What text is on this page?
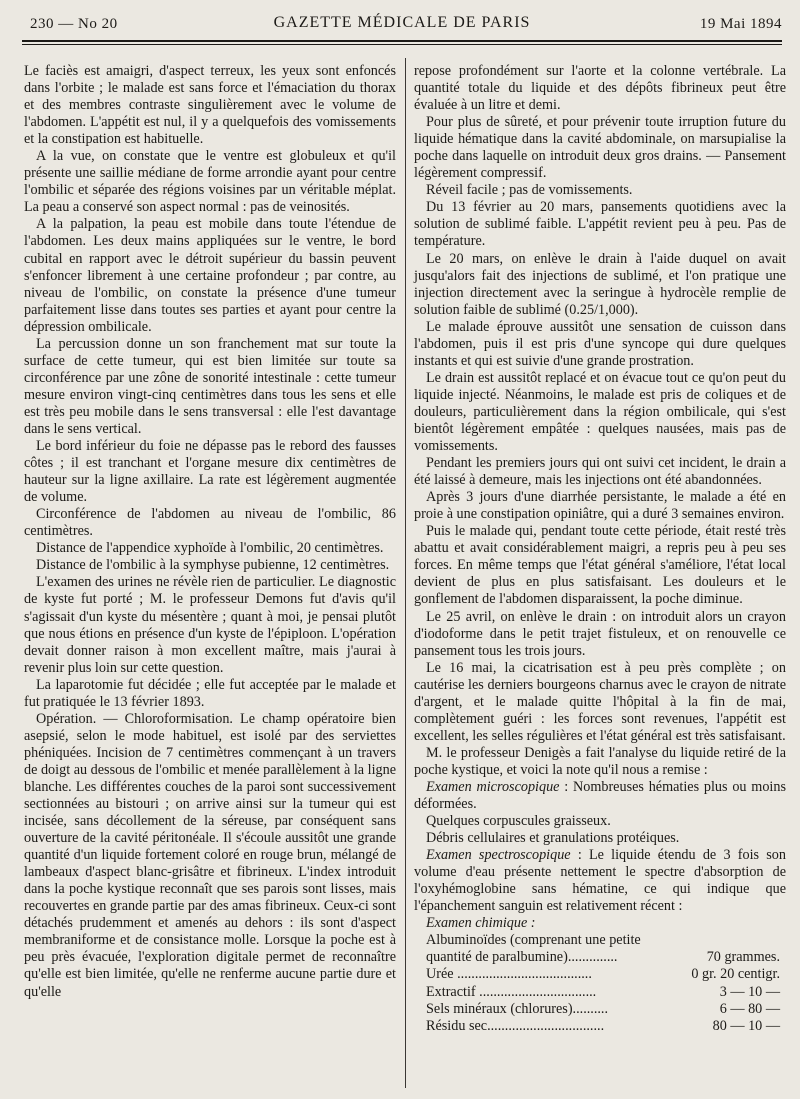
230 — No 20	GAZETTE MÉDICALE DE PARIS	19 Mai 1894

Le faciès est amaigri, d'aspect terreux, les yeux sont enfoncés dans l'orbite ; le malade est sans force et l'émaciation du thorax et des membres contraste singulièrement avec le volume de l'abdomen. L'appétit est nul, il y a quelquefois des vomissements et la constipation est habituelle.

A la vue, on constate que le ventre est globuleux et qu'il présente une saillie médiane de forme arrondie ayant pour centre l'ombilic et séparée des régions voisines par un véritable méplat. La peau a conservé son aspect normal : pas de veinosités.

A la palpation, la peau est mobile dans toute l'étendue de l'abdomen. Les deux mains appliquées sur le ventre, le bord cubital en rapport avec le détroit supérieur du bassin peuvent s'enfoncer librement à une certaine profondeur ; par contre, au niveau de l'ombilic, on constate la présence d'une tumeur parfaitement lisse dans toutes ses parties et ayant pour centre la dépression ombilicale.

La percussion donne un son franchement mat sur toute la surface de cette tumeur, qui est bien limitée sur toute sa circonférence par une zône de sonorité intestinale : cette tumeur mesure environ vingt-cinq centimètres dans tous les sens et elle est très peu mobile dans le sens transversal : elle l'est davantage dans le sens vertical.

Le bord inférieur du foie ne dépasse pas le rebord des fausses côtes ; il est tranchant et l'organe mesure dix centimètres de hauteur sur la ligne axillaire. La rate est légèrement augmentée de volume.

Circonférence de l'abdomen au niveau de l'ombilic, 86 centimètres.

Distance de l'appendice xyphoïde à l'ombilic, 20 centimètres.

Distance de l'ombilic à la symphyse pubienne, 12 centimètres.

L'examen des urines ne révèle rien de particulier. Le diagnostic de kyste fut porté ; M. le professeur Demons fut d'avis qu'il s'agissait d'un kyste du mésentère ; quant à moi, je pensai plutôt que nous étions en présence d'un kyste de l'épiploon. L'opération devait donner raison à mon excellent maître, mais j'aurai à revenir plus loin sur cette question.

La laparotomie fut décidée ; elle fut acceptée par le malade et fut pratiquée le 13 février 1893.

Opération. — Chloroformisation. Le champ opératoire bien asepsié, selon le mode habituel, est isolé par des serviettes phéniquées. Incision de 7 centimètres commençant à un travers de doigt au dessous de l'ombilic et menée parallèlement à la ligne blanche. Les différentes couches de la paroi sont successivement sectionnées au bistouri ; on arrive ainsi sur la tumeur qui est incisée, sans décollement de la séreuse, par conséquent sans ouverture de la cavité péritonéale. Il s'écoule aussitôt une grande quantité d'un liquide fortement coloré en rouge brun, mélangé de lambeaux d'aspect blanc-grisâtre et fibrineux. L'index introduit dans la poche kystique reconnaît que ses parois sont lisses, mais recouvertes en grande partie par des amas fibrineux. Ceux-ci sont détachés prudemment et amenés au dehors : ils sont d'aspect membraniforme et de consistance molle. Lorsque la poche est à peu près évacuée, l'exploration digitale permet de reconnaître qu'elle est bien limitée, qu'elle ne renferme aucune partie dure et qu'elle

repose profondément sur l'aorte et la colonne vertébrale. La quantité totale du liquide et des dépôts fibrineux peut être évaluée à un litre et demi.

Pour plus de sûreté, et pour prévenir toute irruption future du liquide hématique dans la cavité abdominale, on marsupialise la poche dans laquelle on introduit deux gros drains. — Pansement légèrement compressif.

Réveil facile ; pas de vomissements.

Du 13 février au 20 mars, pansements quotidiens avec la solution de sublimé faible. L'appétit revient peu à peu. Pas de température.

Le 20 mars, on enlève le drain à l'aide duquel on avait jusqu'alors fait des injections de sublimé, et l'on pratique une injection directement avec la seringue à hydrocèle remplie de solution faible de sublimé (0.25/1,000).

Le malade éprouve aussitôt une sensation de cuisson dans l'abdomen, puis il est pris d'une syncope qui dure quelques instants et qui est suivie d'une grande prostration.

Le drain est aussitôt replacé et on évacue tout ce qu'on peut du liquide injecté. Néanmoins, le malade est pris de coliques et de douleurs, particulièrement dans la région ombilicale, qui s'est bientôt légèrement empâtée : quelques nausées, mais pas de vomissements.

Pendant les premiers jours qui ont suivi cet incident, le drain a été laissé à demeure, mais les injections ont été abandonnées.

Après 3 jours d'une diarrhée persistante, le malade a été en proie à une constipation opiniâtre, qui a duré 3 semaines environ.

Puis le malade qui, pendant toute cette période, était resté très abattu et avait considérablement maigri, a repris peu à peu ses forces. En même temps que l'état général s'améliore, l'état local devient de plus en plus satisfaisant. Les douleurs et le gonflement de l'abdomen disparaissent, la poche diminue.

Le 25 avril, on enlève le drain : on introduit alors un crayon d'iodoforme dans le petit trajet fistuleux, et on renouvelle ce pansement tous les trois jours.

Le 16 mai, la cicatrisation est à peu près complète ; on cautérise les derniers bourgeons charnus avec le crayon de nitrate d'argent, et le malade quitte l'hôpital à la fin de mai, complètement guéri : les forces sont revenues, l'appétit est excellent, les selles régulières et l'état général est très satisfaisant.

M. le professeur Denigès a fait l'analyse du liquide retiré de la poche kystique, et voici la note qu'il nous a remise :

Examen microscopique : Nombreuses hématies plus ou moins déformées.

Quelques corpuscules graisseux.

Débris cellulaires et granulations protéiques.

Examen spectroscopique : Le liquide étendu de 3 fois son volume d'eau présente nettement le spectre d'absorption de l'oxyhémoglobine sans hématine, ce qui indique que l'épanchement sanguin est relativement récent :

Examen chimique :

Albuminoïdes (comprenant une petite	
quantité de paralbumine)..............	70 grammes.
Urée ......................................	0 gr. 20 centigr.
Extractif .................................	3 — 10 —
Sels minéraux (chlorures)..........	6 — 80 —
Résidu sec.................................	80 — 10 —
